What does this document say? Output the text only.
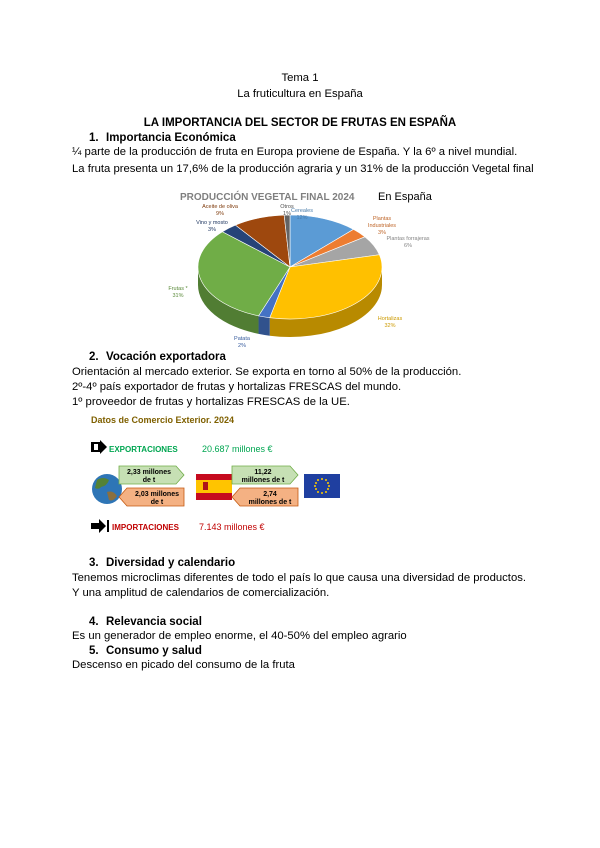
Tema 1
La fruticultura en España
LA IMPORTANCIA DEL SECTOR DE FRUTAS EN ESPAÑA
1. Importancia Económica
¼ parte de la producción de fruta en Europa proviene de España. Y la 6º a nivel mundial.
La fruta presenta un 17,6% de la producción agraria y un 31% de la producción Vegetal final
PRODUCCIÓN VEGETAL FINAL 2024 En España
Cereales
12%	Plantas
Industriales
3%
Plantas forrajeras
6%
Hortalizas
32%
Patata
2%
Frutas *
31%
Vino y mosto
3%
Aceite de oliva
9%
Otros
1%
2. Vocación exportadora
Orientación al mercado exterior. Se exporta en torno al 50% de la producción.
2º-4º país exportador de frutas y hortalizas FRESCAS del mundo.
1º proveedor de frutas y hortalizas FRESCAS de la UE.
Datos de Comercio Exterior. 2024
EXPORTACIONES	20.687 millones €
2,33 millones
de t
2,03 millones
de t
11,22
millones de t
2,74
millones de t
IMPORTACIONES 7.143 millones €
3. Diversidad y calendario
Tenemos microclimas diferentes de todo el país lo que causa una diversidad de productos.
Y una amplitud de calendarios de comercialización.
4. Relevancia social
Es un generador de empleo enorme, el 40-50% del empleo agrario
5. Consumo y salud
Descenso en picado del consumo de la fruta
